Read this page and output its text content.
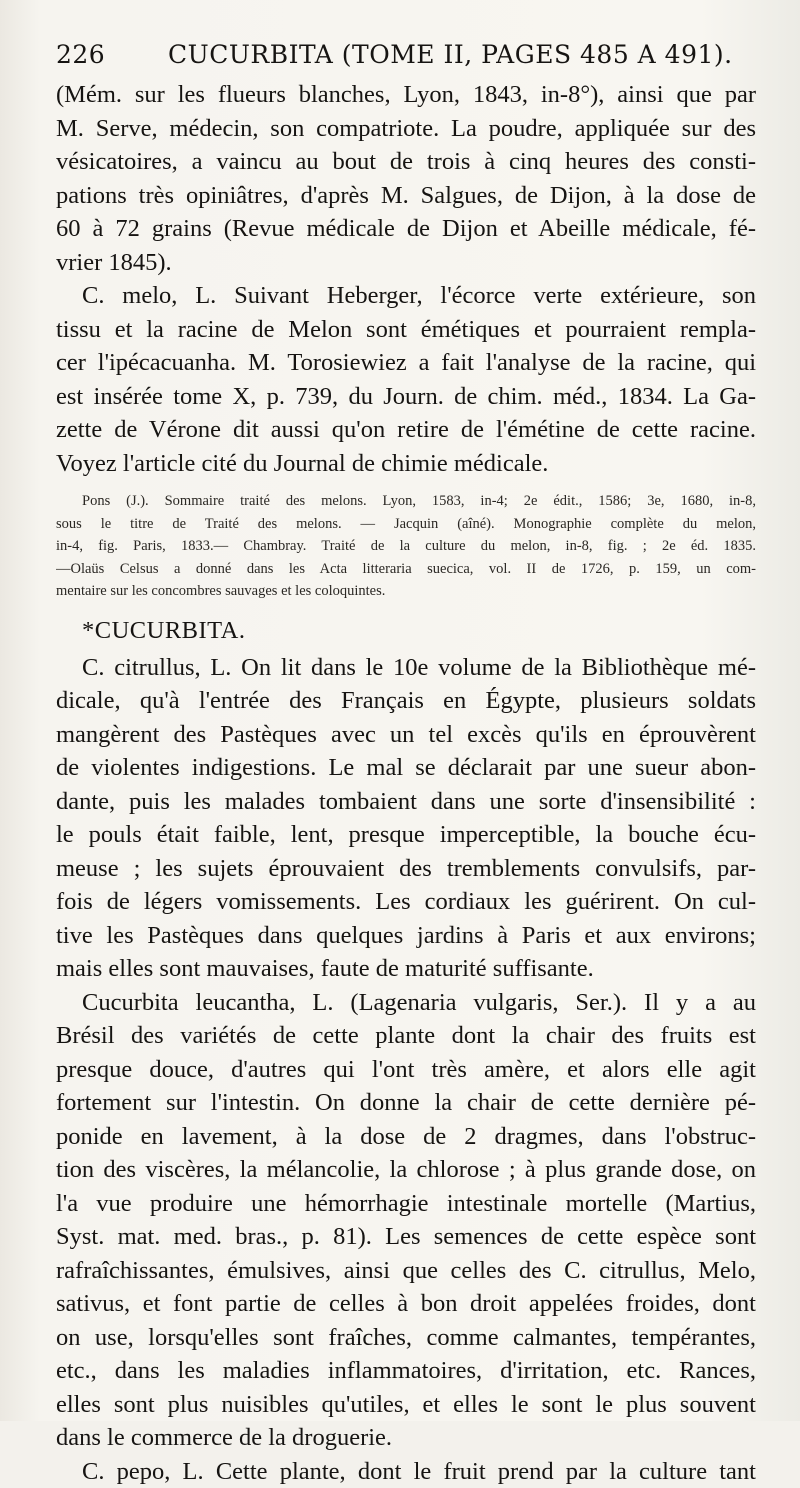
226	CUCURBITA (TOME II, PAGES 485 A 491).
(Mém. sur les flueurs blanches, Lyon, 1843, in-8°), ainsi que par
M. Serve, médecin, son compatriote. La poudre, appliquée sur des
vésicatoires, a vaincu au bout de trois à cinq heures des consti-
pations très opiniâtres, d'après M. Salgues, de Dijon, à la dose de
60 à 72 grains (Revue médicale de Dijon et Abeille médicale, fé-
vrier 1845).
C. melo, L. Suivant Heberger, l'écorce verte extérieure, son
tissu et la racine de Melon sont émétiques et pourraient rempla-
cer l'ipécacuanha. M. Torosiewiez a fait l'analyse de la racine, qui
est insérée tome X, p. 739, du Journ. de chim. méd., 1834. La Ga-
zette de Vérone dit aussi qu'on retire de l'émétine de cette racine.
Voyez l'article cité du Journal de chimie médicale.
Pons (J.). Sommaire traité des melons. Lyon, 1583, in-4; 2e édit., 1586; 3e, 1680, in-8,
sous le titre de Traité des melons. — Jacquin (aîné). Monographie complète du melon,
in-4, fig. Paris, 1833.— Chambray. Traité de la culture du melon, in-8, fig. ; 2e éd. 1835.
—Olaüs Celsus a donné dans les Acta litteraria suecica, vol. II de 1726, p. 159, un com-
mentaire sur les concombres sauvages et les coloquintes.
*CUCURBITA.
C. citrullus, L. On lit dans le 10e volume de la Bibliothèque mé-
dicale, qu'à l'entrée des Français en Égypte, plusieurs soldats
mangèrent des Pastèques avec un tel excès qu'ils en éprouvèrent
de violentes indigestions. Le mal se déclarait par une sueur abon-
dante, puis les malades tombaient dans une sorte d'insensibilité :
le pouls était faible, lent, presque imperceptible, la bouche écu-
meuse ; les sujets éprouvaient des tremblements convulsifs, par-
fois de légers vomissements. Les cordiaux les guérirent. On cul-
tive les Pastèques dans quelques jardins à Paris et aux environs;
mais elles sont mauvaises, faute de maturité suffisante.
Cucurbita leucantha, L. (Lagenaria vulgaris, Ser.). Il y a au
Brésil des variétés de cette plante dont la chair des fruits est
presque douce, d'autres qui l'ont très amère, et alors elle agit
fortement sur l'intestin. On donne la chair de cette dernière pé-
ponide en lavement, à la dose de 2 dragmes, dans l'obstruc-
tion des viscères, la mélancolie, la chlorose ; à plus grande dose, on
l'a vue produire une hémorrhagie intestinale mortelle (Martius,
Syst. mat. med. bras., p. 81). Les semences de cette espèce sont
rafraîchissantes, émulsives, ainsi que celles des C. citrullus, Melo,
sativus, et font partie de celles à bon droit appelées froides, dont
on use, lorsqu'elles sont fraîches, comme calmantes, tempérantes,
etc., dans les maladies inflammatoires, d'irritation, etc. Rances,
elles sont plus nuisibles qu'utiles, et elles le sont le plus souvent
dans le commerce de la droguerie.
C. pepo, L. Cette plante, dont le fruit prend par la culture tant
